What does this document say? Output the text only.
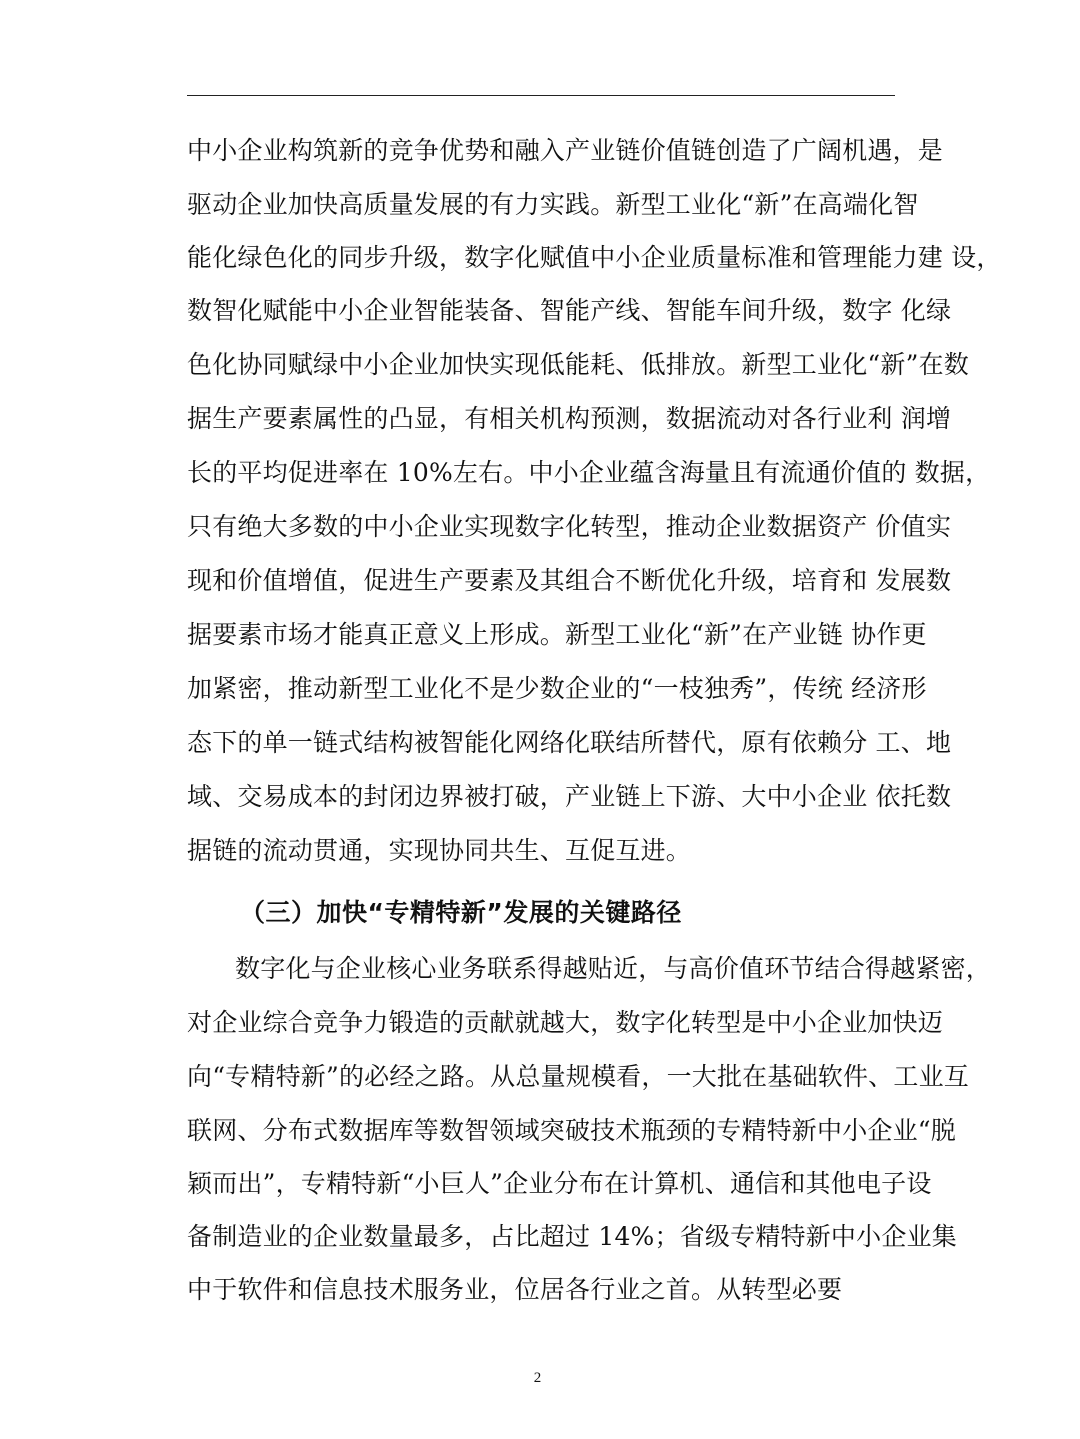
中小企业构筑新的竞争优势和融入产业链价值链创造了广阔机遇，是
驱动企业加快高质量发展的有力实践。新型工业化“新”在高端化智
能化绿色化的同步升级，数字化赋值中小企业质量标准和管理能力建 设，
数智化赋能中小企业智能装备、智能产线、智能车间升级，数字 化绿
色化协同赋绿中小企业加快实现低能耗、低排放。新型工业化“新”在数
据生产要素属性的凸显，有相关机构预测，数据流动对各行业利 润增
长的平均促进率在 10%左右。中小企业蕴含海量且有流通价值的 数据，
只有绝大多数的中小企业实现数字化转型，推动企业数据资产 价值实
现和价值增值，促进生产要素及其组合不断优化升级，培育和 发展数
据要素市场才能真正意义上形成。新型工业化“新”在产业链 协作更
加紧密，推动新型工业化不是少数企业的“一枝独秀”，传统 经济形
态下的单一链式结构被智能化网络化联结所替代，原有依赖分 工、地
域、交易成本的封闭边界被打破，产业链上下游、大中小企业 依托数
据链的流动贯通，实现协同共生、互促互进。
（三）加快“专精特新”发展的关键路径
数字化与企业核心业务联系得越贴近，与高价值环节结合得越紧密，
对企业综合竞争力锻造的贡献就越大，数字化转型是中小企业加快迈
向“专精特新”的必经之路。从总量规模看，一大批在基础软件、工业互
联网、分布式数据库等数智领域突破技术瓶颈的专精特新中小企业“脱
颖而出”，专精特新“小巨人”企业分布在计算机、通信和其他电子设
备制造业的企业数量最多，占比超过 14%；省级专精特新中小企业集
中于软件和信息技术服务业，位居各行业之首。从转型必要
2
